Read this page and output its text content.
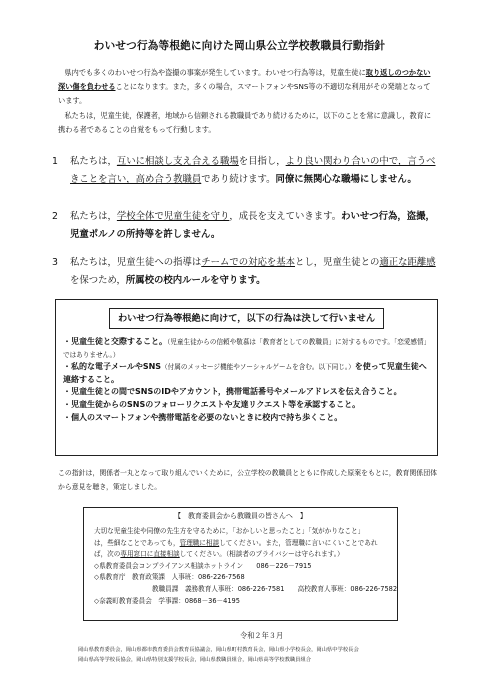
わいせつ行為等根絶に向けた岡山県公立学校教職員行動指針

県内でも多くのわいせつ行為や盗撮の事案が発生しています。わいせつ行為等は，児童生徒に取り返しのつかない深い傷を負わせることになります。また，多くの場合，スマートフォンやSNS等の不適切な利用がその発端となっています。

私たちは，児童生徒，保護者，地域から信頼される教職員であり続けるために，以下のことを常に意識し，教育に携わる者であることの自覚をもって行動します。

1 私たちは，互いに相談し支え合える職場を目指し，より良い関わり合いの中で，言うべきことを言い，高め合う教職員であり続けます。同僚に無関心な職場にしません。
2 私たちは，学校全体で児童生徒を守り，成長を支えていきます。わいせつ行為，盗撮，児童ポルノの所持等を許しません。
3 私たちは，児童生徒への指導はチームでの対応を基本とし，児童生徒との適正な距離感を保つため，所属校の校内ルールを守ります。
わいせつ行為等根絶に向けて，以下の行為は決して行いません
・児童生徒と交際すること。（児童生徒からの信頼や敬慕は「教育者としての教職員」に対するものです。「恋愛感情」ではありません。）
・私的な電子メールやSNS（付属のメッセージ機能やソーシャルゲームを含む。以下同じ。）を使って児童生徒へ連絡すること。
・児童生徒との間でSNSのIDやアカウント，携帯電話番号やメールアドレスを伝え合うこと。
・児童生徒からのSNSのフォローリクエストや友達リクエスト等を承認すること。
・個人のスマートフォンや携帯電話を必要のないときに校内で持ち歩くこと。
この指針は，関係者一丸となって取り組んでいくために，公立学校の教職員とともに作成した原案をもとに，教育関係団体から意見を聴き，策定しました。
【　教育委員会から教職員の皆さんへ　】
大切な児童生徒や同僚の先生方を守るために，「おかしいと思ったこと」「気がかりなこと」
は，些細なことであっても，管理職に相談してください。また，管理職に言いにくいことであれ
ば，次の専用窓口に直接相談してください。（相談者のプライバシーは守られます。）
◇県教育委員会コンプライアンス相談ホットライン　　086－226－7915
◇県教育庁　教育政策課　人事班：086-226-7568
教職員課　義務教育人事班：086-226-7581　　高校教育人事班：086-226-7582
◇奈義町教育委員会　学事課：0868－36－4195
令和２年３月
岡山県教育委員会，岡山県都市教育委員会教育長協議会，岡山県町村教育長会，岡山県小学校長会，岡山県中学校長会
岡山県高等学校長協会，岡山県特別支援学校長会，岡山県教職員組合，岡山県高等学校教職員組合
